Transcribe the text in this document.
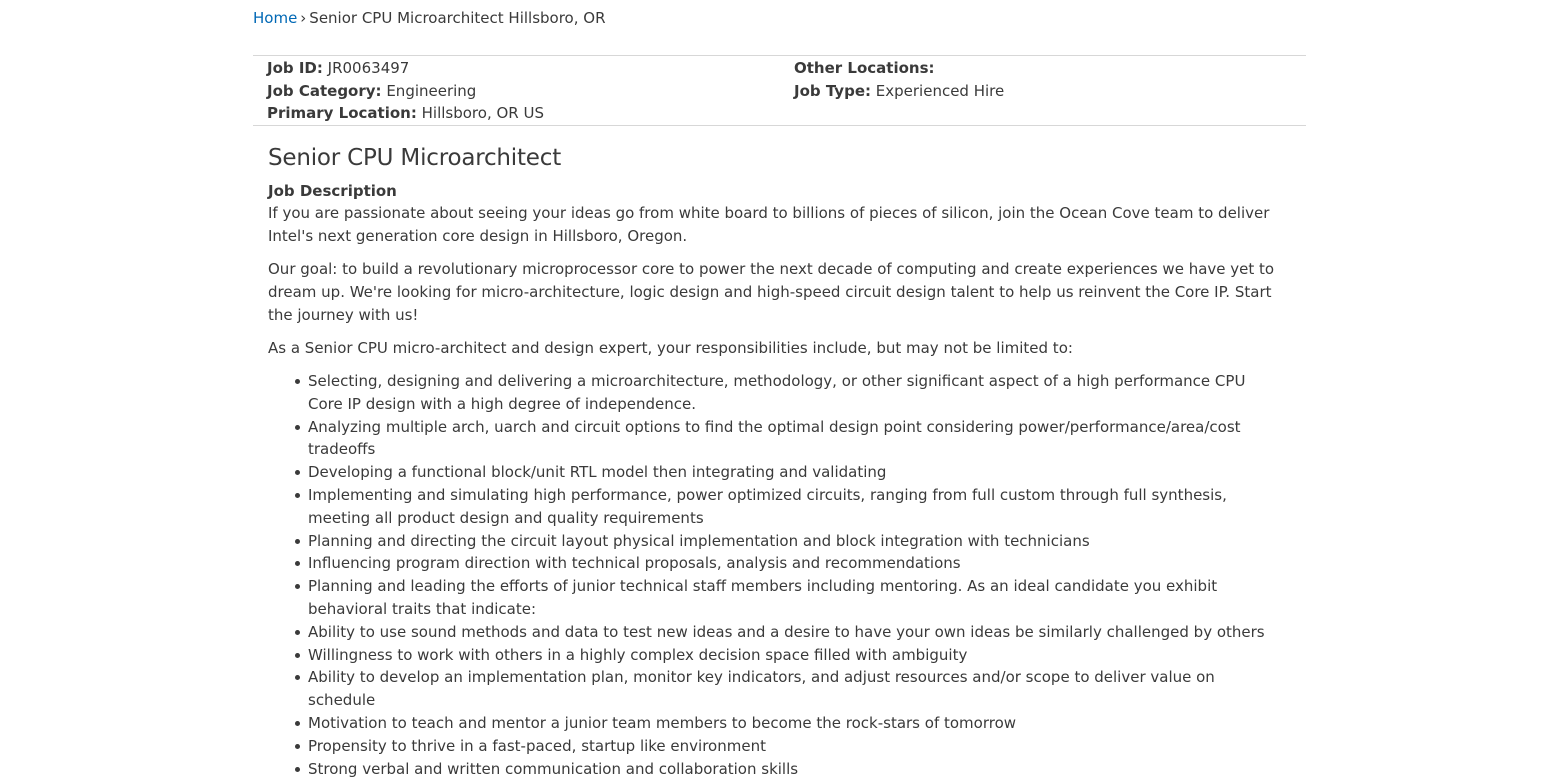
Home › Senior CPU Microarchitect Hillsboro, OR
Job ID: JR0063497
Job Category: Engineering
Primary Location: Hillsboro, OR US
Other Locations:
Job Type: Experienced Hire
Senior CPU Microarchitect
Job Description

If you are passionate about seeing your ideas go from white board to billions of pieces of silicon, join the Ocean Cove team to deliver Intel's next generation core design in Hillsboro, Oregon.

Our goal: to build a revolutionary microprocessor core to power the next decade of computing and create experiences we have yet to dream up. We're looking for micro-architecture, logic design and high-speed circuit design talent to help us reinvent the Core IP. Start the journey with us!

As a Senior CPU micro-architect and design expert, your responsibilities include, but may not be limited to:

Selecting, designing and delivering a microarchitecture, methodology, or other significant aspect of a high performance CPU Core IP design with a high degree of independence.
Analyzing multiple arch, uarch and circuit options to find the optimal design point considering power/performance/area/cost tradeoffs
Developing a functional block/unit RTL model then integrating and validating
Implementing and simulating high performance, power optimized circuits, ranging from full custom through full synthesis, meeting all product design and quality requirements
Planning and directing the circuit layout physical implementation and block integration with technicians
Influencing program direction with technical proposals, analysis and recommendations
Planning and leading the efforts of junior technical staff members including mentoring. As an ideal candidate you exhibit behavioral traits that indicate:
Ability to use sound methods and data to test new ideas and a desire to have your own ideas be similarly challenged by others
Willingness to work with others in a highly complex decision space filled with ambiguity
Ability to develop an implementation plan, monitor key indicators, and adjust resources and/or scope to deliver value on schedule
Motivation to teach and mentor a junior team members to become the rock-stars of tomorrow
Propensity to thrive in a fast-paced, startup like environment
Strong verbal and written communication and collaboration skills
